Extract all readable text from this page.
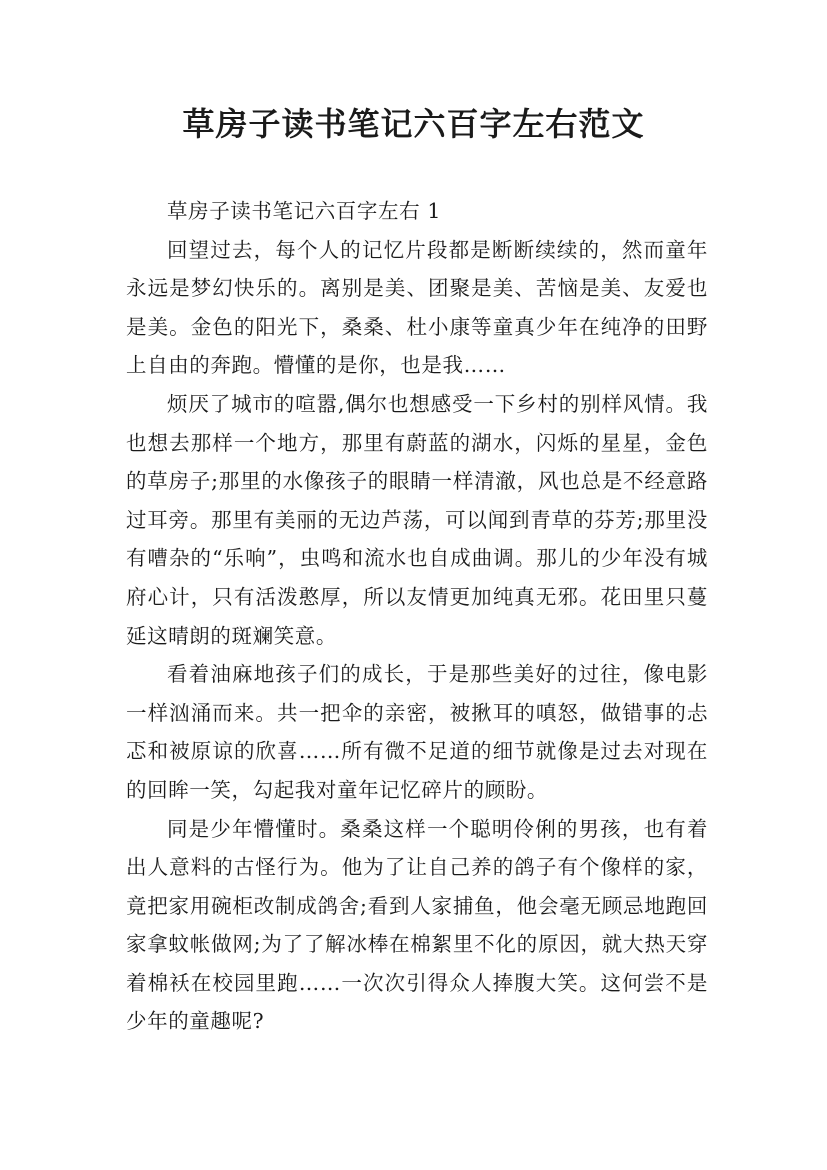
草房子读书笔记六百字左右范文

草房子读书笔记六百字左右 1

回望过去，每个人的记忆片段都是断断续续的，然而童年永远是梦幻快乐的。离别是美、团聚是美、苦恼是美、友爱也是美。金色的阳光下，桑桑、杜小康等童真少年在纯净的田野上自由的奔跑。懵懂的是你，也是我……

烦厌了城市的喧嚣,偶尔也想感受一下乡村的别样风情。我也想去那样一个地方，那里有蔚蓝的湖水，闪烁的星星，金色的草房子;那里的水像孩子的眼睛一样清澈，风也总是不经意路过耳旁。那里有美丽的无边芦荡，可以闻到青草的芬芳;那里没有嘈杂的“乐响”，虫鸣和流水也自成曲调。那儿的少年没有城府心计，只有活泼憨厚，所以友情更加纯真无邪。花田里只蔓延这晴朗的斑斓笑意。

看着油麻地孩子们的成长，于是那些美好的过往，像电影一样汹涌而来。共一把伞的亲密，被揪耳的嗔怒，做错事的忐忑和被原谅的欣喜……所有微不足道的细节就像是过去对现在的回眸一笑，勾起我对童年记忆碎片的顾盼。

同是少年懵懂时。桑桑这样一个聪明伶俐的男孩，也有着出人意料的古怪行为。他为了让自己养的鸽子有个像样的家，竟把家用碗柜改制成鸽舍;看到人家捕鱼，他会毫无顾忌地跑回家拿蚊帐做网;为了了解冰棒在棉絮里不化的原因，就大热天穿着棉袄在校园里跑……一次次引得众人捧腹大笑。这何尝不是少年的童趣呢?
